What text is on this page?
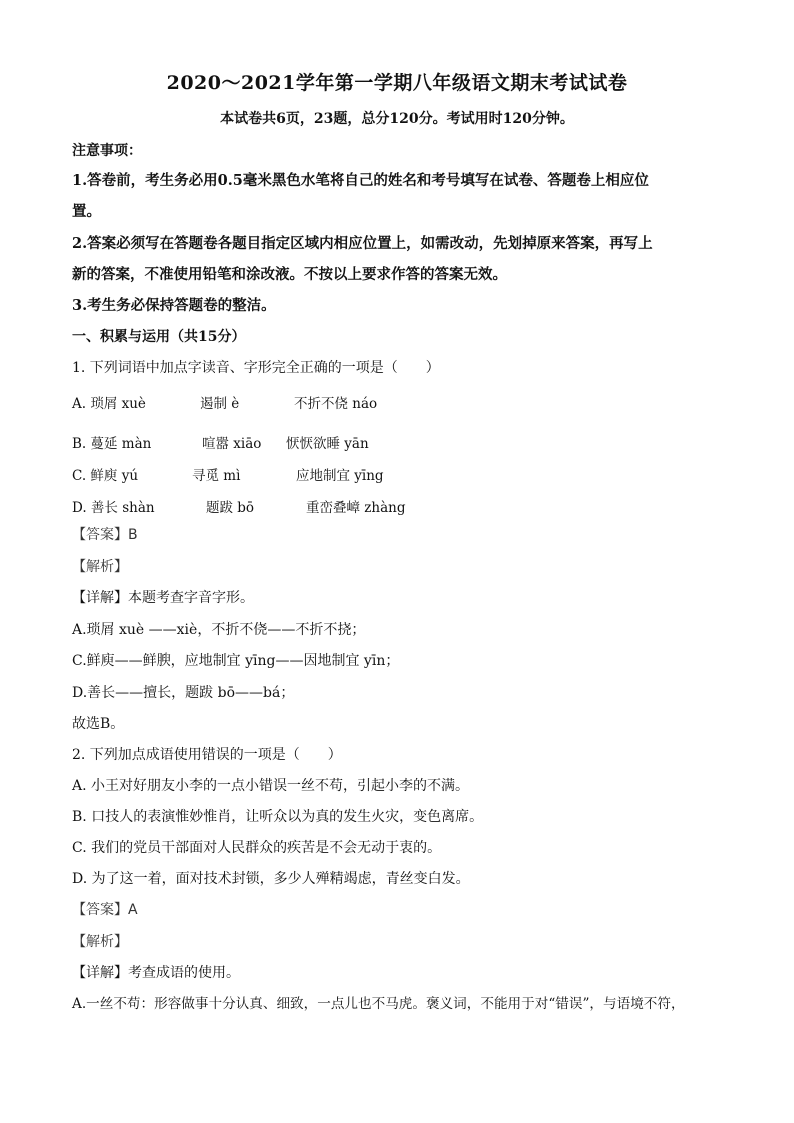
2020～2021学年第一学期八年级语文期末考试试卷
本试卷共6页，23题，总分120分。考试用时120分钟。
注意事项：
1.答卷前，考生务必用0.5毫米黑色水笔将自己的姓名和考号填写在试卷、答题卷上相应位
置。
2.答案必须写在答题卷各题目指定区域内相应位置上，如需改动，先划掉原来答案，再写上
新的答案，不准使用铅笔和涂改液。不按以上要求作答的答案无效。
3.考生务必保持答题卷的整洁。
一、积累与运用（共15分）
1. 下列词语中加点字读音、字形完全正确的一项是（　　）
A. 琐屑 xuè	遏制 è	不折不侥 náo
B. 蔓延 màn	喧嚣 xiāo 恹恹欲睡 yān
C. 鲜庾 yú	寻觅 mì	应地制宜 yīng
D. 善长 shàn	题跋 bō	重峦叠嶂 zhàng
【答案】B
【解析】
【详解】本题考查字音字形。
A.琐屑 xuè ——xiè，不折不侥——不折不挠；
C.鲜庾——鲜腴，应地制宜 yīng——因地制宜 yīn；
D.善长——擅长，题跋 bō——bá；
故选B。
2. 下列加点成语使用错误的一项是（　　）
A. 小王对好朋友小李的一点小错误一丝不苟，引起小李的不满。
B. 口技人的表演惟妙惟肖，让听众以为真的发生火灾，变色离席。
C. 我们的党员干部面对人民群众的疾苦是不会无动于衷的。
D. 为了这一着，面对技术封锁，多少人殚精竭虑，青丝变白发。
【答案】A
【解析】
【详解】考查成语的使用。
A.一丝不苟：形容做事十分认真、细致，一点儿也不马虎。褒义词，不能用于对“错误”，与语境不符，
